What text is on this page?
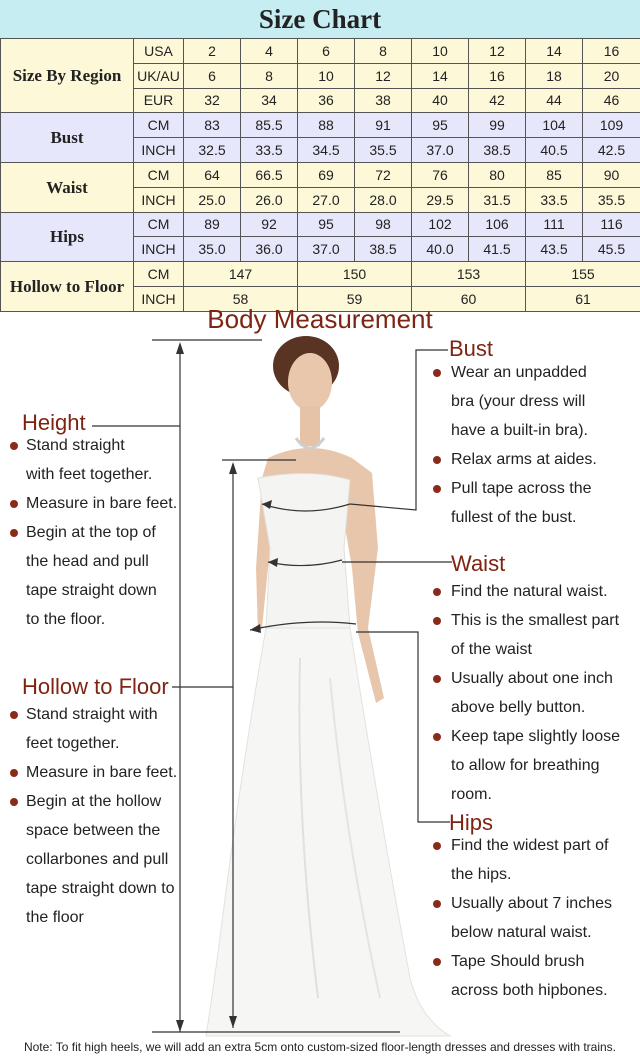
Size Chart
Size By Region	USA	2	4	6	8	10	12	14	16
	UK/AU	6	8	10	12	14	16	18	20
	EUR	32	34	36	38	40	42	44	46
Bust	CM	83	85.5	88	91	95	99	104	109
	INCH	32.5	33.5	34.5	35.5	37.0	38.5	40.5	42.5
Waist	CM	64	66.5	69	72	76	80	85	90
	INCH	25.0	26.0	27.0	28.0	29.5	31.5	33.5	35.5
Hips	CM	89	92	95	98	102	106	111	116
	INCH	35.0	36.0	37.0	38.5	40.0	41.5	43.5	45.5
Hollow to Floor	CM	147		150		153		155	
	INCH	58		59		60		61	
Body Measurement
Height
Stand straight
with feet together.
Measure in bare feet.
Begin at the top of
the head and pull
tape straight down
to the floor.
Hollow to Floor
Stand straight with
feet together.
Measure in bare feet.
Begin at the hollow
space between the
collarbones and pull
tape straight down to
the floor
Bust
Wear an unpadded
bra (your dress will
have a built-in bra).
Relax arms at aides.
Pull tape across the
fullest of the bust.
Waist
Find the natural waist.
This is the smallest part
of the waist
Usually about one inch
above belly button.
Keep tape slightly loose
to allow for breathing
room.
Hips
Find the widest part of
the hips.
Usually about 7 inches
below natural waist.
Tape Should brush
across both hipbones.
Note: To fit high heels, we will add an extra 5cm onto custom-sized floor-length dresses and dresses with trains.
